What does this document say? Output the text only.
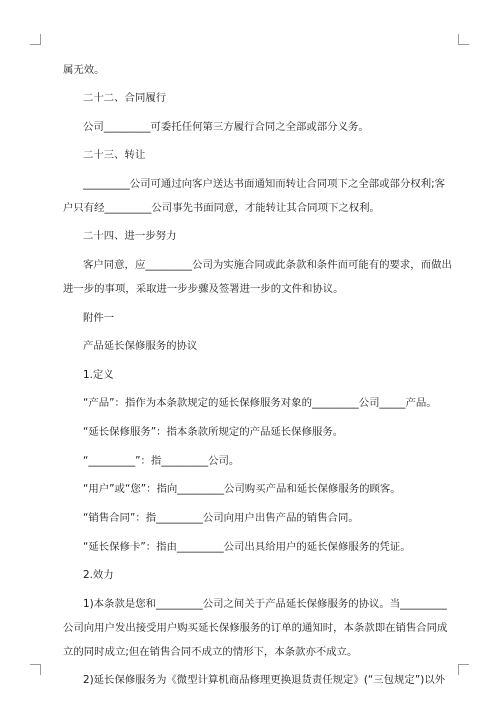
属无效。
二十二、合同履行
公司_________可委托任何第三方履行合同之全部或部分义务。
二十三、转让
_________公司可通过向客户送达书面通知而转让合同项下之全部或部分权利;客
户只有经_________公司事先书面同意，才能转让其合同项下之权利。
二十四、进一步努力
客户同意，应_________公司为实施合同或此条款和条件而可能有的要求，而做出
进一步的事项，采取进一步步骤及签署进一步的文件和协议。
附件一
产品延长保修服务的协议
1.定义
“产品”：指作为本条款规定的延长保修服务对象的_________公司_____产品。
“延长保修服务”：指本条款所规定的产品延长保修服务。
“_________”：指_________公司。
“用户”或“您”：指向_________公司购买产品和延长保修服务的顾客。
“销售合同”：指_________公司向用户出售产品的销售合同。
“延长保修卡”：指由_________公司出具给用户的延长保修服务的凭证。
2.效力
1)本条款是您和_________公司之间关于产品延长保修服务的协议。当_________
公司向用户发出接受用户购买延长保修服务的订单的通知时，本条款即在销售合同成
立的同时成立;但在销售合同不成立的情形下，本条款亦不成立。
2)延长保修服务为《微型计算机商品修理更换退货责任规定》(“三包规定”)以外
